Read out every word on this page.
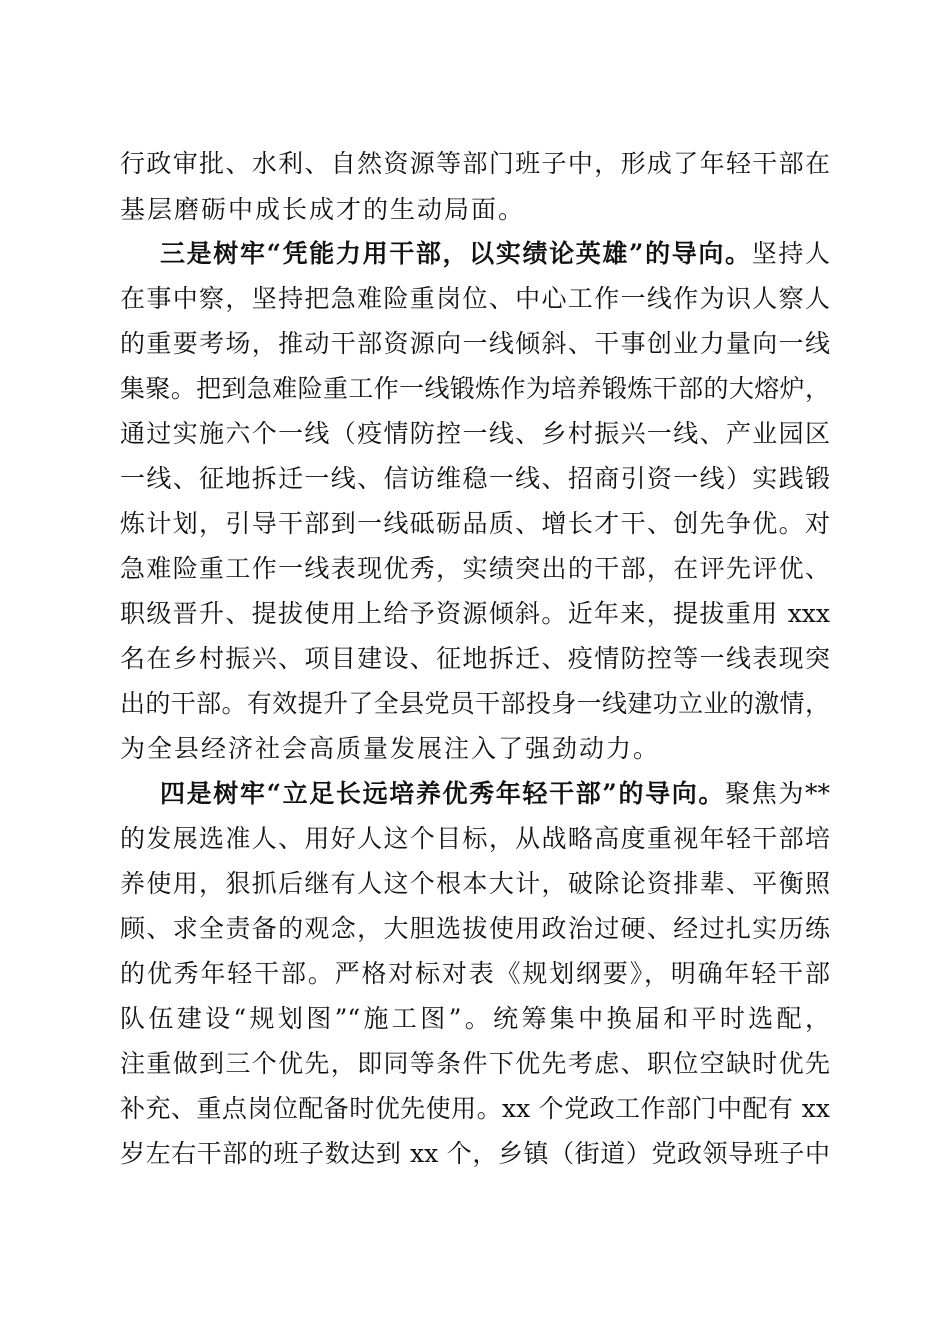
行政审批、水利、自然资源等部门班子中，形成了年轻干部在
基层磨砺中成长成才的生动局面。
三是树牢“凭能力用干部，以实绩论英雄”的导向。坚持人
在事中察，坚持把急难险重岗位、中心工作一线作为识人察人
的重要考场，推动干部资源向一线倾斜、干事创业力量向一线
集聚。把到急难险重工作一线锻炼作为培养锻炼干部的大熔炉，
通过实施六个一线（疫情防控一线、乡村振兴一线、产业园区
一线、征地拆迁一线、信访维稳一线、招商引资一线）实践锻
炼计划，引导干部到一线砥砺品质、增长才干、创先争优。对
急难险重工作一线表现优秀，实绩突出的干部，在评先评优、
职级晋升、提拔使用上给予资源倾斜。近年来，提拔重用 xxx
名在乡村振兴、项目建设、征地拆迁、疫情防控等一线表现突
出的干部。有效提升了全县党员干部投身一线建功立业的激情，
为全县经济社会高质量发展注入了强劲动力。
四是树牢“立足长远培养优秀年轻干部”的导向。聚焦为**
的发展选准人、用好人这个目标，从战略高度重视年轻干部培
养使用，狠抓后继有人这个根本大计，破除论资排辈、平衡照
顾、求全责备的观念，大胆选拔使用政治过硬、经过扎实历练
的优秀年轻干部。严格对标对表《规划纲要》，明确年轻干部
队伍建设“规划图”“施工图”。统筹集中换届和平时选配，
注重做到三个优先，即同等条件下优先考虑、职位空缺时优先
补充、重点岗位配备时优先使用。xx 个党政工作部门中配有 xx
岁左右干部的班子数达到 xx 个，乡镇（街道）党政领导班子中
